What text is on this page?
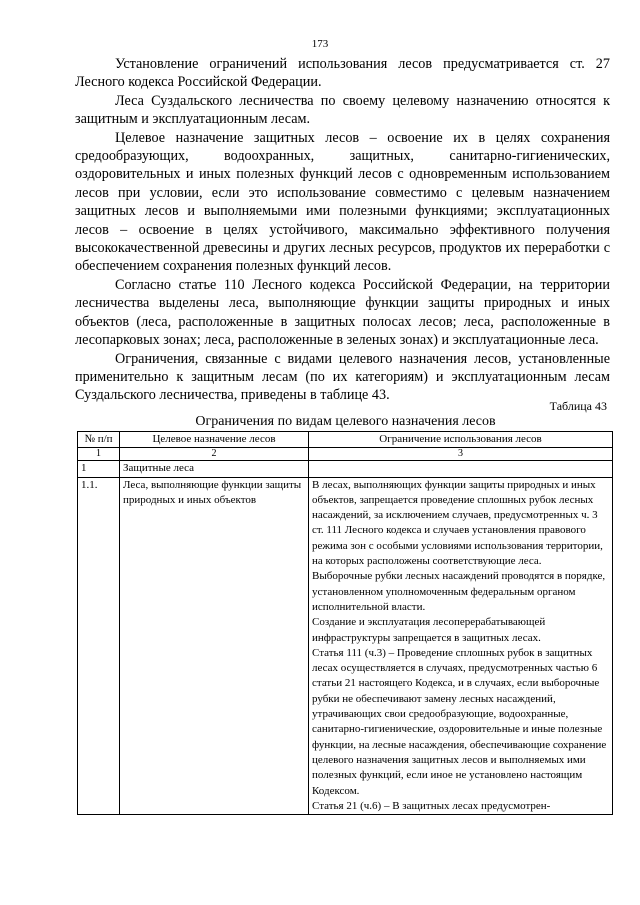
173

Установление ограничений использования лесов предусматривается ст. 27 Лесного кодекса Российской Федерации.

Леса Суздальского лесничества по своему целевому назначению относятся к защитным и эксплуатационным лесам.

Целевое назначение защитных лесов – освоение их в целях сохранения средообразующих, водоохранных, защитных, санитарно-гигиенических, оздоровительных и иных полезных функций лесов с одновременным использованием лесов при условии, если это использование совместимо с целевым назначением защитных лесов и выполняемыми ими полезными функциями; эксплуатационных лесов – освоение в целях устойчивого, максимально эффективного получения высококачественной древесины и других лесных ресурсов, продуктов их переработки с обеспечением сохранения полезных функций лесов.

Согласно статье 110 Лесного кодекса Российской Федерации, на территории лесничества выделены леса, выполняющие функции защиты природных и иных объектов (леса, расположенные в защитных полосах лесов; леса, расположенные в лесопарковых зонах; леса, расположенные в зеленых зонах) и эксплуатационные леса.

Ограничения, связанные с видами целевого назначения лесов, установленные применительно к защитным лесам (по их категориям) и эксплуатационным лесам Суздальского лесничества, приведены в таблице 43.

Таблица 43
Ограничения по видам целевого назначения лесов
№ п/п	Целевое назначение лесов	Ограничение использования лесов
1	2	3
1	Защитные леса	
1.1.	Леса, выполняющие функции защиты природных и иных объектов	В лесах, выполняющих функции защиты природных и иных объектов, запрещается проведение сплошных рубок лесных насаждений, за исключением случаев, предусмотренных ч. 3 ст. 111 Лесного кодекса и случаев установления правового режима зон с особыми условиями использования территории, на которых расположены соответствующие леса.

Выборочные рубки лесных насаждений проводятся в порядке, установленном уполномоченным федеральным органом исполнительной власти.

Создание и эксплуатация лесоперерабатывающей инфраструктуры запрещается в защитных лесах.

Статья 111 (ч.3) – Проведение сплошных рубок в защитных лесах осуществляется в случаях, предусмотренных частью 6 статьи 21 настоящего Кодекса, и в случаях, если выборочные рубки не обеспечивают замену лесных насаждений, утрачивающих свои средообразующие, водоохранные, санитарно-гигиенические, оздоровительные и иные полезные функции, на лесные насаждения, обеспечивающие сохранение целевого назначения защитных лесов и выполняемых ими полезных функций, если иное не установлено настоящим Кодексом.

Статья 21 (ч.6) – В защитных лесах предусмотрен-
